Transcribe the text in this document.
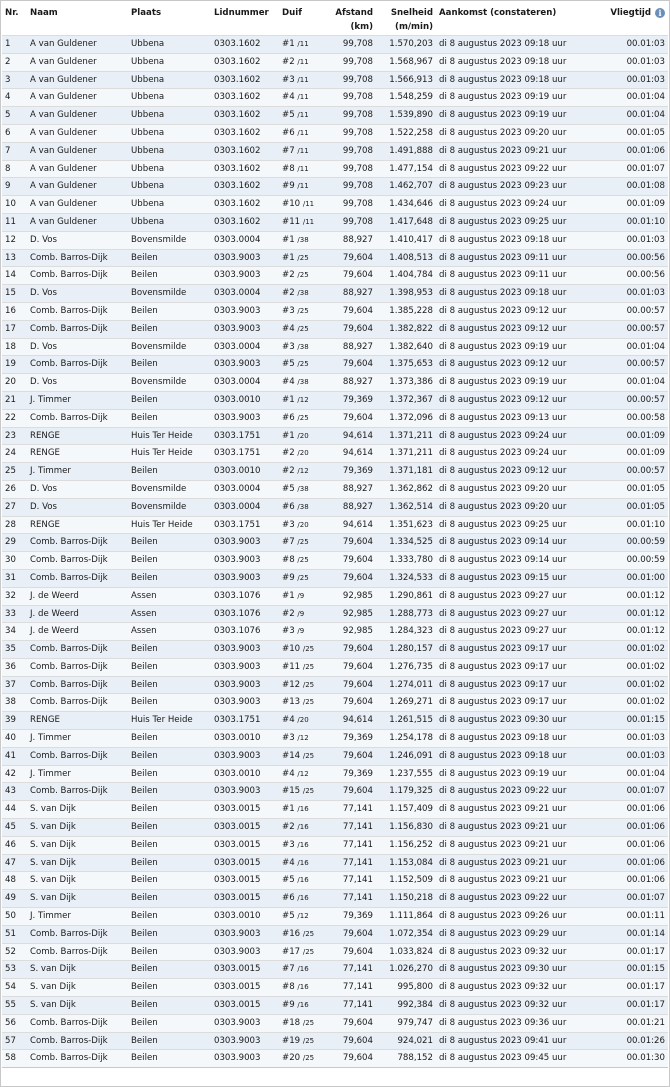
Nr.	Naam	Plaats	Lidnummer	Duif	Afstand	Snelheid	Aankomst (constateren)	Vliegtijd i
					(km)	(m/min)		
1	A van Guldener	Ubbena	0303.1602	#1 /11	99,708	1.570,203	di 8 augustus 2023 09:18 uur	00.01:03
2	A van Guldener	Ubbena	0303.1602	#2 /11	99,708	1.568,967	di 8 augustus 2023 09:18 uur	00.01:03
3	A van Guldener	Ubbena	0303.1602	#3 /11	99,708	1.566,913	di 8 augustus 2023 09:18 uur	00.01:03
4	A van Guldener	Ubbena	0303.1602	#4 /11	99,708	1.548,259	di 8 augustus 2023 09:19 uur	00.01:04
5	A van Guldener	Ubbena	0303.1602	#5 /11	99,708	1.539,890	di 8 augustus 2023 09:19 uur	00.01:04
6	A van Guldener	Ubbena	0303.1602	#6 /11	99,708	1.522,258	di 8 augustus 2023 09:20 uur	00.01:05
7	A van Guldener	Ubbena	0303.1602	#7 /11	99,708	1.491,888	di 8 augustus 2023 09:21 uur	00.01:06
8	A van Guldener	Ubbena	0303.1602	#8 /11	99,708	1.477,154	di 8 augustus 2023 09:22 uur	00.01:07
9	A van Guldener	Ubbena	0303.1602	#9 /11	99,708	1.462,707	di 8 augustus 2023 09:23 uur	00.01:08
10	A van Guldener	Ubbena	0303.1602	#10 /11	99,708	1.434,646	di 8 augustus 2023 09:24 uur	00.01:09
11	A van Guldener	Ubbena	0303.1602	#11 /11	99,708	1.417,648	di 8 augustus 2023 09:25 uur	00.01:10
12	D. Vos	Bovensmilde	0303.0004	#1 /38	88,927	1.410,417	di 8 augustus 2023 09:18 uur	00.01:03
13	Comb. Barros-Dijk	Beilen	0303.9003	#1 /25	79,604	1.408,513	di 8 augustus 2023 09:11 uur	00.00:56
14	Comb. Barros-Dijk	Beilen	0303.9003	#2 /25	79,604	1.404,784	di 8 augustus 2023 09:11 uur	00.00:56
15	D. Vos	Bovensmilde	0303.0004	#2 /38	88,927	1.398,953	di 8 augustus 2023 09:18 uur	00.01:03
16	Comb. Barros-Dijk	Beilen	0303.9003	#3 /25	79,604	1.385,228	di 8 augustus 2023 09:12 uur	00.00:57
17	Comb. Barros-Dijk	Beilen	0303.9003	#4 /25	79,604	1.382,822	di 8 augustus 2023 09:12 uur	00.00:57
18	D. Vos	Bovensmilde	0303.0004	#3 /38	88,927	1.382,640	di 8 augustus 2023 09:19 uur	00.01:04
19	Comb. Barros-Dijk	Beilen	0303.9003	#5 /25	79,604	1.375,653	di 8 augustus 2023 09:12 uur	00.00:57
20	D. Vos	Bovensmilde	0303.0004	#4 /38	88,927	1.373,386	di 8 augustus 2023 09:19 uur	00.01:04
21	J. Timmer	Beilen	0303.0010	#1 /12	79,369	1.372,367	di 8 augustus 2023 09:12 uur	00.00:57
22	Comb. Barros-Dijk	Beilen	0303.9003	#6 /25	79,604	1.372,096	di 8 augustus 2023 09:13 uur	00.00:58
23	RENGE	Huis Ter Heide	0303.1751	#1 /20	94,614	1.371,211	di 8 augustus 2023 09:24 uur	00.01:09
24	RENGE	Huis Ter Heide	0303.1751	#2 /20	94,614	1.371,211	di 8 augustus 2023 09:24 uur	00.01:09
25	J. Timmer	Beilen	0303.0010	#2 /12	79,369	1.371,181	di 8 augustus 2023 09:12 uur	00.00:57
26	D. Vos	Bovensmilde	0303.0004	#5 /38	88,927	1.362,862	di 8 augustus 2023 09:20 uur	00.01:05
27	D. Vos	Bovensmilde	0303.0004	#6 /38	88,927	1.362,514	di 8 augustus 2023 09:20 uur	00.01:05
28	RENGE	Huis Ter Heide	0303.1751	#3 /20	94,614	1.351,623	di 8 augustus 2023 09:25 uur	00.01:10
29	Comb. Barros-Dijk	Beilen	0303.9003	#7 /25	79,604	1.334,525	di 8 augustus 2023 09:14 uur	00.00:59
30	Comb. Barros-Dijk	Beilen	0303.9003	#8 /25	79,604	1.333,780	di 8 augustus 2023 09:14 uur	00.00:59
31	Comb. Barros-Dijk	Beilen	0303.9003	#9 /25	79,604	1.324,533	di 8 augustus 2023 09:15 uur	00.01:00
32	J. de Weerd	Assen	0303.1076	#1 /9	92,985	1.290,861	di 8 augustus 2023 09:27 uur	00.01:12
33	J. de Weerd	Assen	0303.1076	#2 /9	92,985	1.288,773	di 8 augustus 2023 09:27 uur	00.01:12
34	J. de Weerd	Assen	0303.1076	#3 /9	92,985	1.284,323	di 8 augustus 2023 09:27 uur	00.01:12
35	Comb. Barros-Dijk	Beilen	0303.9003	#10 /25	79,604	1.280,157	di 8 augustus 2023 09:17 uur	00.01:02
36	Comb. Barros-Dijk	Beilen	0303.9003	#11 /25	79,604	1.276,735	di 8 augustus 2023 09:17 uur	00.01:02
37	Comb. Barros-Dijk	Beilen	0303.9003	#12 /25	79,604	1.274,011	di 8 augustus 2023 09:17 uur	00.01:02
38	Comb. Barros-Dijk	Beilen	0303.9003	#13 /25	79,604	1.269,271	di 8 augustus 2023 09:17 uur	00.01:02
39	RENGE	Huis Ter Heide	0303.1751	#4 /20	94,614	1.261,515	di 8 augustus 2023 09:30 uur	00.01:15
40	J. Timmer	Beilen	0303.0010	#3 /12	79,369	1.254,178	di 8 augustus 2023 09:18 uur	00.01:03
41	Comb. Barros-Dijk	Beilen	0303.9003	#14 /25	79,604	1.246,091	di 8 augustus 2023 09:18 uur	00.01:03
42	J. Timmer	Beilen	0303.0010	#4 /12	79,369	1.237,555	di 8 augustus 2023 09:19 uur	00.01:04
43	Comb. Barros-Dijk	Beilen	0303.9003	#15 /25	79,604	1.179,325	di 8 augustus 2023 09:22 uur	00.01:07
44	S. van Dijk	Beilen	0303.0015	#1 /16	77,141	1.157,409	di 8 augustus 2023 09:21 uur	00.01:06
45	S. van Dijk	Beilen	0303.0015	#2 /16	77,141	1.156,830	di 8 augustus 2023 09:21 uur	00.01:06
46	S. van Dijk	Beilen	0303.0015	#3 /16	77,141	1.156,252	di 8 augustus 2023 09:21 uur	00.01:06
47	S. van Dijk	Beilen	0303.0015	#4 /16	77,141	1.153,084	di 8 augustus 2023 09:21 uur	00.01:06
48	S. van Dijk	Beilen	0303.0015	#5 /16	77,141	1.152,509	di 8 augustus 2023 09:21 uur	00.01:06
49	S. van Dijk	Beilen	0303.0015	#6 /16	77,141	1.150,218	di 8 augustus 2023 09:22 uur	00.01:07
50	J. Timmer	Beilen	0303.0010	#5 /12	79,369	1.111,864	di 8 augustus 2023 09:26 uur	00.01:11
51	Comb. Barros-Dijk	Beilen	0303.9003	#16 /25	79,604	1.072,354	di 8 augustus 2023 09:29 uur	00.01:14
52	Comb. Barros-Dijk	Beilen	0303.9003	#17 /25	79,604	1.033,824	di 8 augustus 2023 09:32 uur	00.01:17
53	S. van Dijk	Beilen	0303.0015	#7 /16	77,141	1.026,270	di 8 augustus 2023 09:30 uur	00.01:15
54	S. van Dijk	Beilen	0303.0015	#8 /16	77,141	995,800	di 8 augustus 2023 09:32 uur	00.01:17
55	S. van Dijk	Beilen	0303.0015	#9 /16	77,141	992,384	di 8 augustus 2023 09:32 uur	00.01:17
56	Comb. Barros-Dijk	Beilen	0303.9003	#18 /25	79,604	979,747	di 8 augustus 2023 09:36 uur	00.01:21
57	Comb. Barros-Dijk	Beilen	0303.9003	#19 /25	79,604	924,021	di 8 augustus 2023 09:41 uur	00.01:26
58	Comb. Barros-Dijk	Beilen	0303.9003	#20 /25	79,604	788,152	di 8 augustus 2023 09:45 uur	00.01:30
